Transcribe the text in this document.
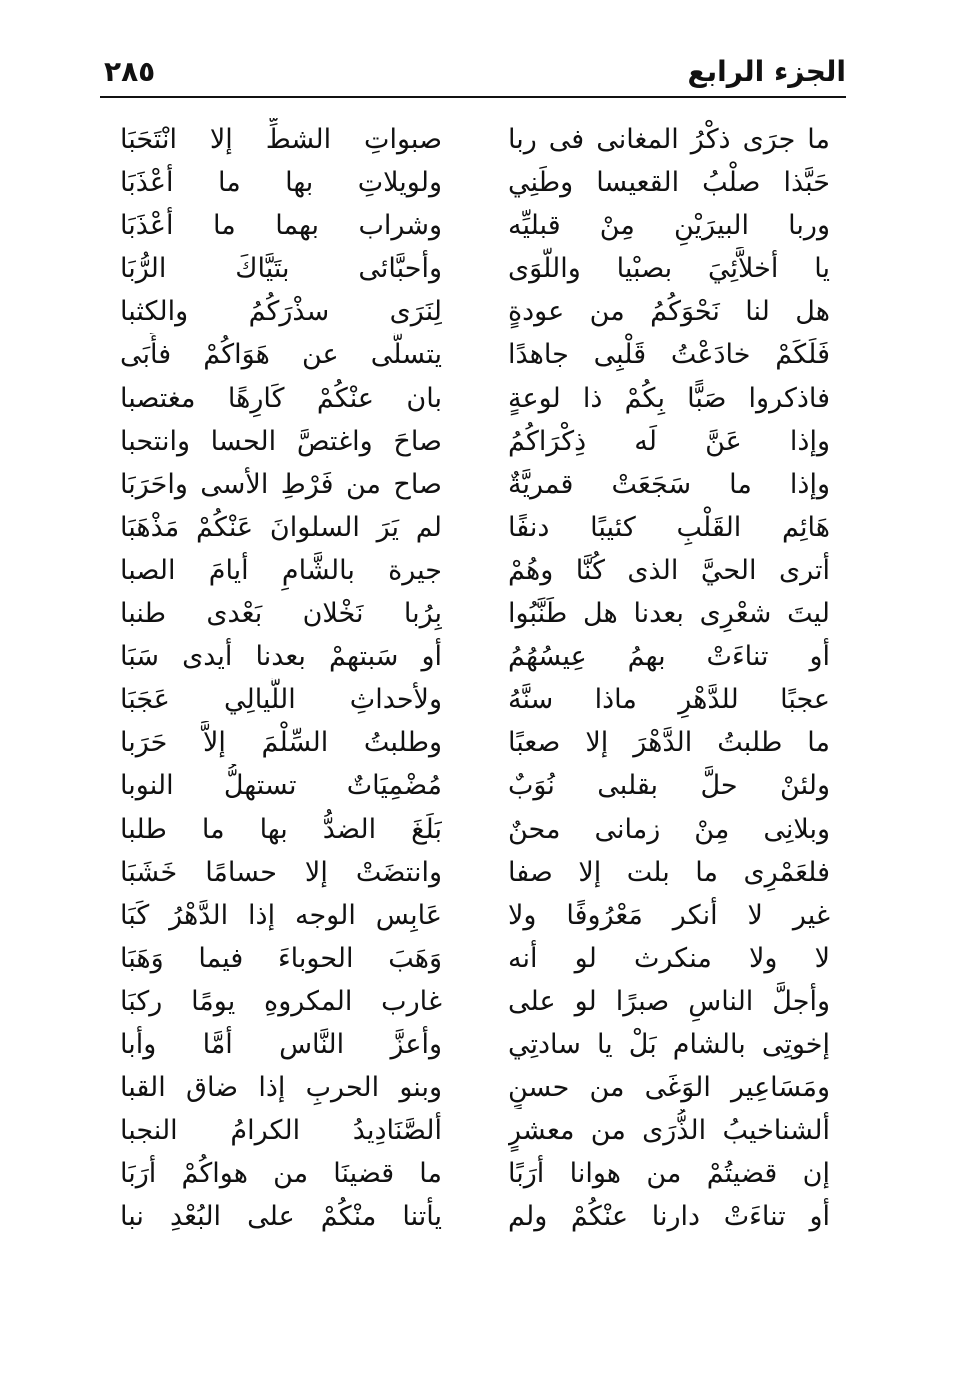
الجزء الرابع
٢٨٥
ما جرَى ذكْرُ المغانى فى ربا
صبواتِ الشطِّ إلا انْتَحَبَا
حَبَّذا صلْبُ القعيسا وطَنِي
ولويلاتِ بها ما أعْذَبَا
وربا البيرَيْنِ مِنْ قبليِّه
وشراب بهما ما أعْذَبَا
يا أخلاَّئِيَ بصبْيا واللّوَى
وأحبَّائى بتَيَّاكَ الرُّبَا
هل لنا نَحْوَكُمُ من عودةٍ
لِنَرَى سذْرَكُمُ والكثبا
فَلَكَمْ خادَعْتُ قَلْبِى جاهدًا
يتسلَّى عن هَوَاكُمْ فأَبَى
فاذكروا صَبًّا بِكُمْ ذا لوعةٍ
بان عنْكُمْ كَارِهًا مغتصبا
وإذا عَنَّ لَه ذِكْرَاكُمُ
صاحَ واغتصَّ الحسا وانتحبا
وإذا ما سَجَعَتْ قمريَّةٌ
صاح من فَرْطِ الأسى واحَرَبَا
هَائِم القَلْبِ كئيبًا دنفًا
لم يَرَ السلوانَ عَنْكُمْ مَذْهَبَا
أترى الحيَّ الذى كُنَّا وهُمْ
جيرة بالشَّامِ أيامَ الصبا
ليتَ شعْرِى بعدنا هل طَنَّبُوا
بِرُبا نَخْلان بَعْدى طنبا
أو تناءَتْ بهمُ عِيسُهُمُ
أو سَبتهمْ بعدنا أيدى سَبَا
عجبًا للدَّهْرِ ماذا سنَّهُ
ولأحداثِ اللَّيالِي عَجَبَا
ما طلبتُ الدَّهْرَ إلا صعبًا
وطلبتُ السِّلْمَ إلاَّ حَرَبا
ولئنْ حلَّ بقلبى نُوَبٌ
مُضْمِيَاتٌ تستهلُّ النوبا
وبلانِى مِنْ زمانى محنٌ
بَلَغَ الضدُّ بها ما طلبا
فلعَمْرِى ما بلت إلا صفا
وانتضَتْ إلا حسامًا خَشَبَا
غير لا أنكر مَعْرُوفًا ولا
عَابِس الوجه إذا الدَّهْرُ كَبَا
لا ولا منكرث لو أنه
وَهَبَ الحوباءَ فيما وَهَبَا
وأجلَّ الناسِ صبرًا لو على
غارب المكروهِ يومًا ركبَا
إخوتِى بالشام بَلْ يا سادتِي
وأعزَّ النَّاس أمَّا وأبا
ومَسَاعِير الوَغَى من حسنٍ
وبنو الحربِ إذا ضاق القبا
ألشناخيبُ الذُّرَى من معشرٍ
ألصَّنَادِيدُ الكرامُ النجبا
إن قضيتُمْ من هوانا أرَبًا
ما قضينَا من هواكُمْ أرَبَا
أو تناءَتْ دارنا عنْكُمْ ولم
يأتنا منْكُمْ على البُعْدِ نبا
